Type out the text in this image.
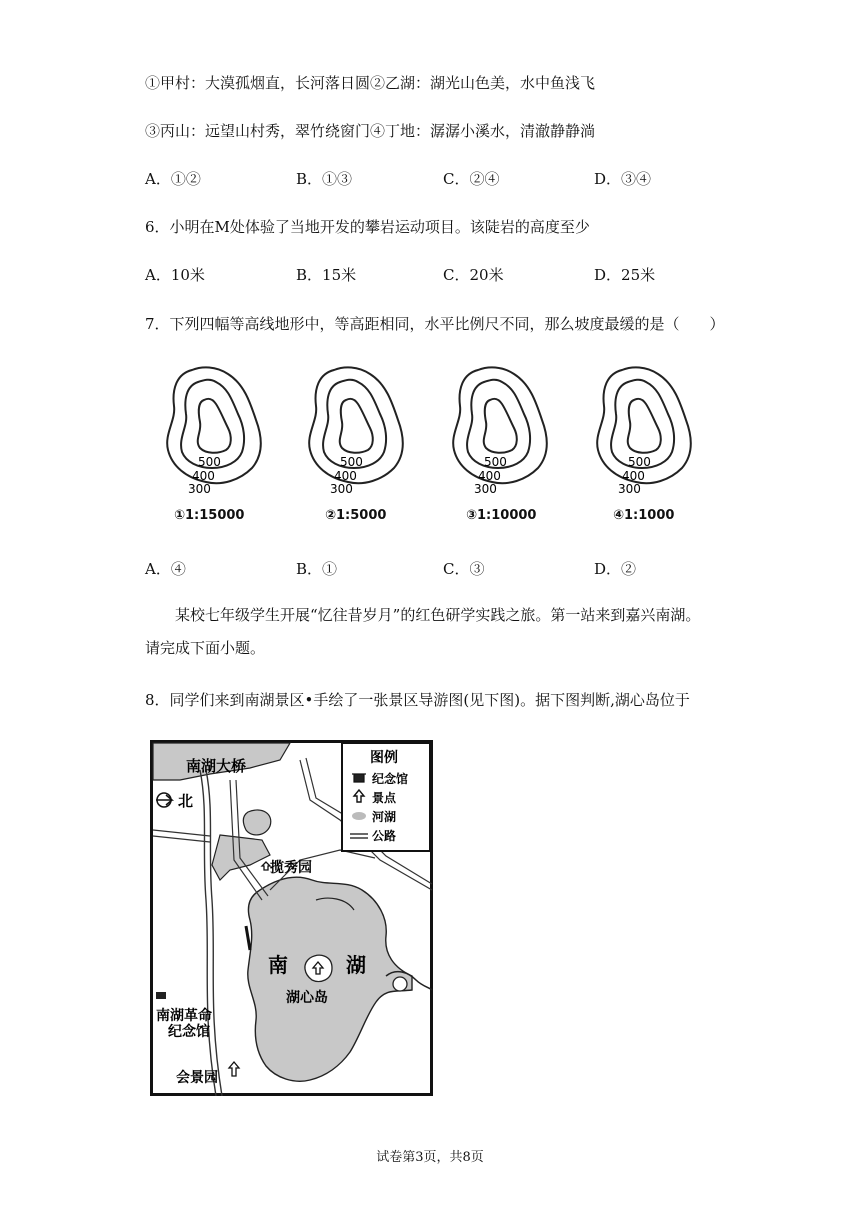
①甲村：大漠孤烟直，长河落日圆②乙湖：湖光山色美，水中鱼浅飞
③丙山：远望山村秀，翠竹绕窗门④丁地：潺潺小溪水，清澈静静淌
A．①②	B．①③	C．②④	D．③④
6．小明在M处体验了当地开发的攀岩运动项目。该陡岩的高度至少
A．10米	B．15米	C．20米	D．25米
7．下列四幅等高线地形中，等高距相同，水平比例尺不同，那么坡度最缓的是（　　）
500
400
300
500
400
300
500
400
300
500
400
300
①1:15000	②1:5000	③1:10000	④1:1000
A．④	B．①	C．③	D．②
某校七年级学生开展“忆往昔岁月”的红色研学实践之旅。第一站来到嘉兴南湖。请完成下面小题。
8．同学们来到南湖景区•手绘了一张景区导游图(见下图)。据下图判断,湖心岛位于
图例
纪念馆
景点
河湖
公路
南湖大桥
北
揽秀园
南	湖
湖心岛
南湖革命
纪念馆
会景园
试卷第3页，共8页
